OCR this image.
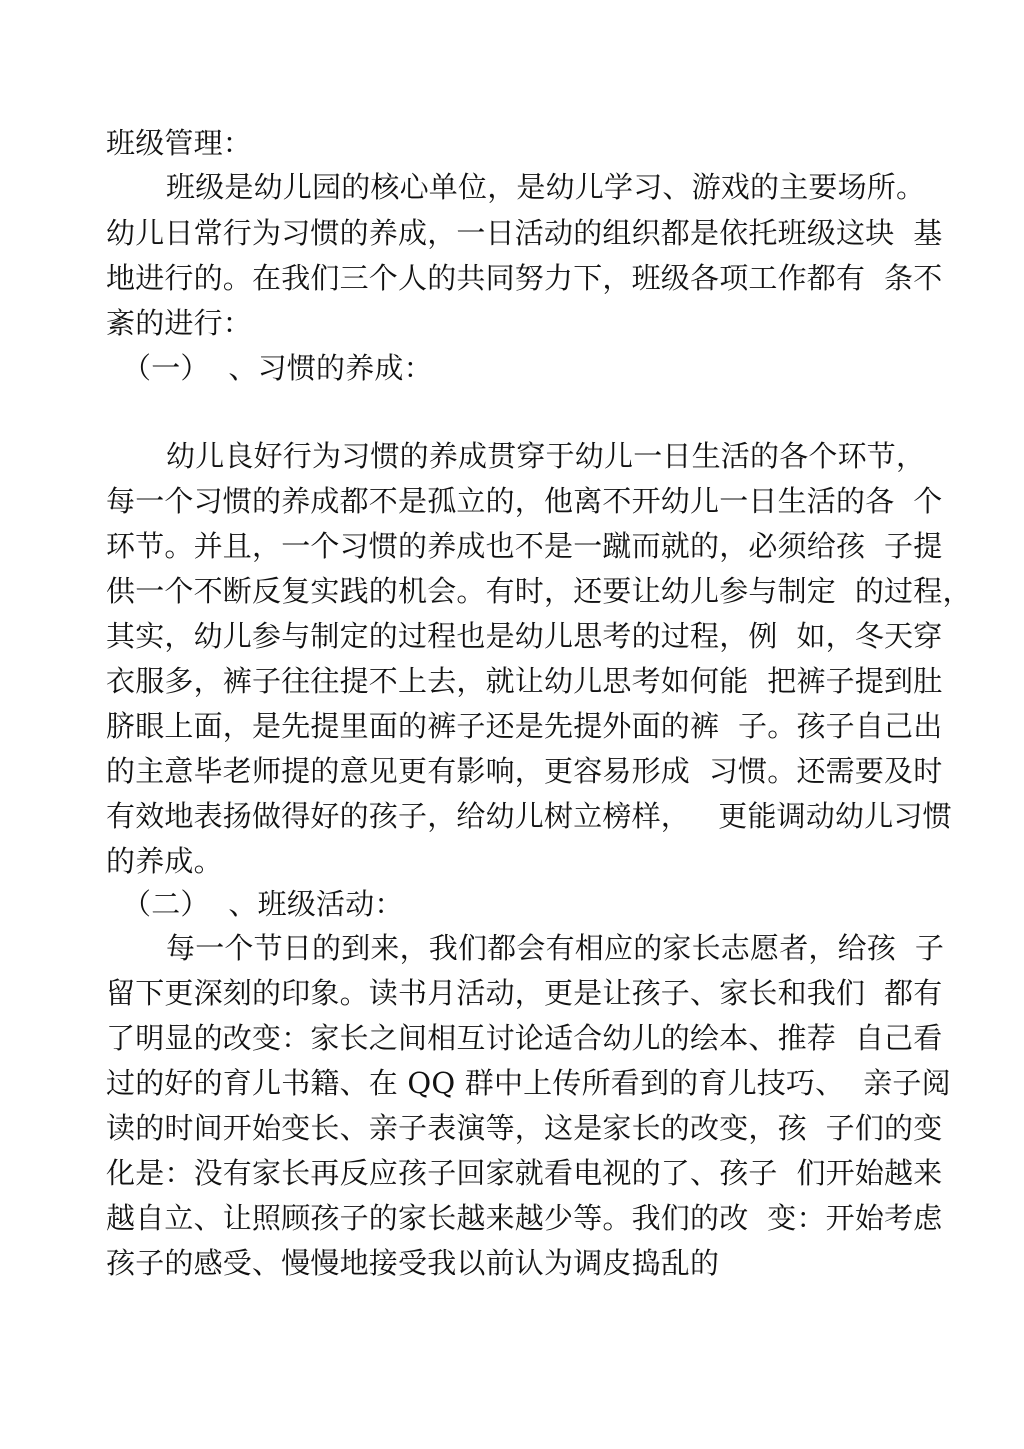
班级管理：
班级是幼儿园的核心单位，是幼儿学习、游戏的主要场所。
幼儿日常行为习惯的养成，一日活动的组织都是依托班级这块  基
地进行的。在我们三个人的共同努力下，班级各项工作都有  条不
紊的进行：
（一）  、习惯的养成：
幼儿良好行为习惯的养成贯穿于幼儿一日生活的各个环节，
每一个习惯的养成都不是孤立的，他离不开幼儿一日生活的各  个
环节。并且，一个习惯的养成也不是一蹴而就的，必须给孩  子提
供一个不断反复实践的机会。有时，还要让幼儿参与制定  的过程，
其实，幼儿参与制定的过程也是幼儿思考的过程，例  如，冬天穿
衣服多，裤子往往提不上去，就让幼儿思考如何能  把裤子提到肚
脐眼上面，是先提里面的裤子还是先提外面的裤  子。孩子自己出
的主意毕老师提的意见更有影响，更容易形成  习惯。还需要及时
有效地表扬做得好的孩子，给幼儿树立榜样，   更能调动幼儿习惯
的养成。
（二）  、班级活动：
每一个节日的到来，我们都会有相应的家长志愿者，给孩  子
留下更深刻的印象。读书月活动，更是让孩子、家长和我们  都有
了明显的改变：家长之间相互讨论适合幼儿的绘本、推荐  自己看
过的好的育儿书籍、在 QQ 群中上传所看到的育儿技巧、  亲子阅
读的时间开始变长、亲子表演等，这是家长的改变，孩  子们的变
化是：没有家长再反应孩子回家就看电视的了、孩子  们开始越来
越自立、让照顾孩子的家长越来越少等。我们的改  变：开始考虑
孩子的感受、慢慢地接受我以前认为调皮捣乱的
